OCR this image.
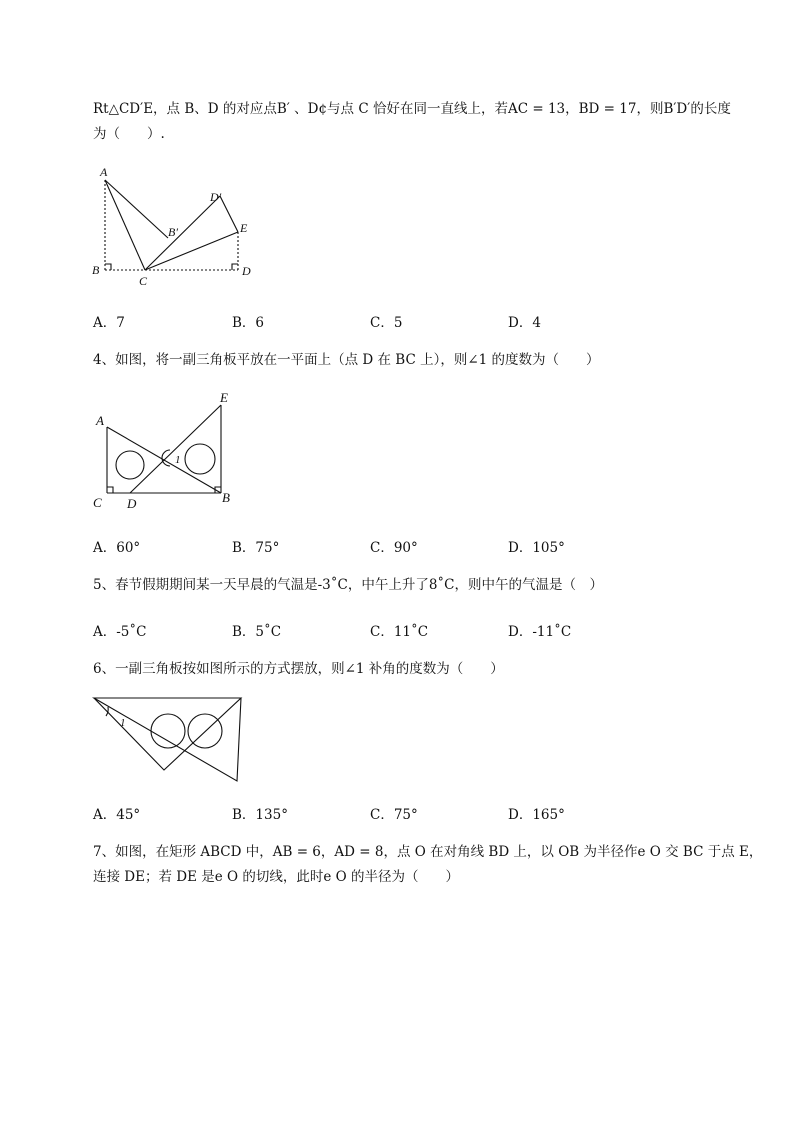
Rt△CD′E，点 B、D 的对应点B′ 、D¢与点 C 恰好在同一直线上，若AC = 13，BD = 17，则B′D′的长度
为（　　）.
A
B
C
D
B′
D′
E
A．7	B．6	C．5	D．4
4、如图，将一副三角板平放在一平面上（点 D 在 BC 上），则∠1 的度数为（　　）
A
C D	B
E
1
A．60°	B．75°	C．90°	D．105°
5、春节假期期间某一天早晨的气温是-3˚C，中午上升了8˚C，则中午的气温是（　）
A．-5˚C	B．5˚C	C．11˚C	D．-11˚C
6、一副三角板按如图所示的方式摆放，则∠1 补角的度数为（　　）
1
A．45°	B．135°	C．75°	D．165°
7、如图，在矩形 ABCD 中，AB = 6，AD = 8，点 O 在对角线 BD 上，以 OB 为半径作e O 交 BC 于点 E，
连接 DE；若 DE 是e O 的切线，此时e O 的半径为（　　）
